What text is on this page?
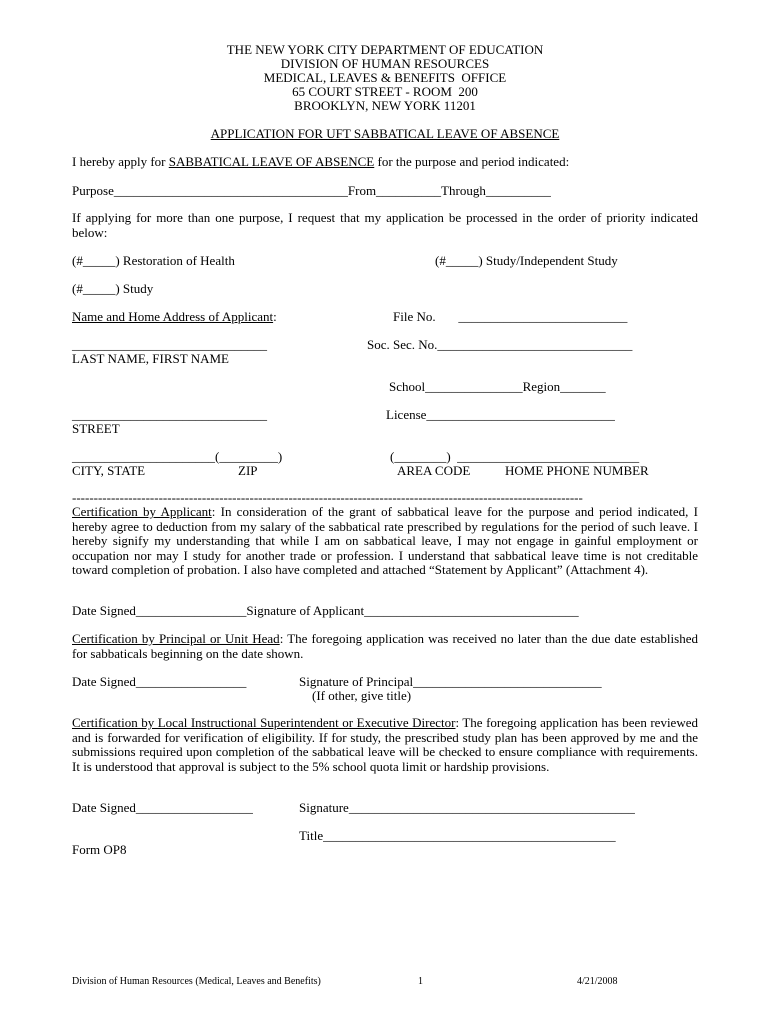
THE NEW YORK CITY DEPARTMENT OF EDUCATION
DIVISION OF HUMAN RESOURCES
MEDICAL, LEAVES & BENEFITS  OFFICE
65 COURT STREET - ROOM  200
BROOKLYN, NEW YORK 11201
APPLICATION FOR UFT SABBATICAL LEAVE OF ABSENCE
I hereby apply for SABBATICAL LEAVE OF ABSENCE for the purpose and period indicated:
Purpose____________________________________From__________Through__________
If applying for more than one purpose, I request that my application be processed in the order of priority indicated below:
(#_____) Restoration of Health	(#_____) Study/Independent Study
(#_____) Study
Name and Home Address of Applicant:	File No.       __________________________
______________________________	Soc. Sec. No.______________________________
LAST NAME, FIRST NAME
School_______________Region_______
______________________________	License_____________________________
STREET
______________________(_________)	(________)  ____________________________
CITY, STATE	ZIP	AREA CODE	HOME PHONE NUMBER
----------------------------------------------------------------------------------------------------------------------
Certification by Applicant: In consideration of the grant of sabbatical leave for the purpose and period indicated, I hereby agree to deduction from my salary of the sabbatical rate prescribed by regulations for the period of such leave. I hereby signify my understanding that while I am on sabbatical leave, I may not engage in gainful employment or occupation nor may I study for another trade or profession. I understand that sabbatical leave time is not creditable toward completion of probation. I also have completed and attached “Statement by Applicant” (Attachment 4).
Date Signed_________________Signature of Applicant_________________________________
Certification by Principal or Unit Head: The foregoing application was received no later than the due date established for sabbaticals beginning on the date shown.
Date Signed_________________	Signature of Principal_____________________________
(If other, give title)
Certification by Local Instructional Superintendent or Executive Director: The foregoing application has been reviewed and is forwarded for verification of eligibility. If for study, the prescribed study plan has been approved by me and the submissions required upon completion of the sabbatical leave will be checked to ensure compliance with requirements. It is understood that approval is subject to the 5% school quota limit or hardship provisions.
Date Signed__________________	Signature____________________________________________
Title_____________________________________________
Form OP8
Division of Human Resources (Medical, Leaves and Benefits)	1	4/21/2008
